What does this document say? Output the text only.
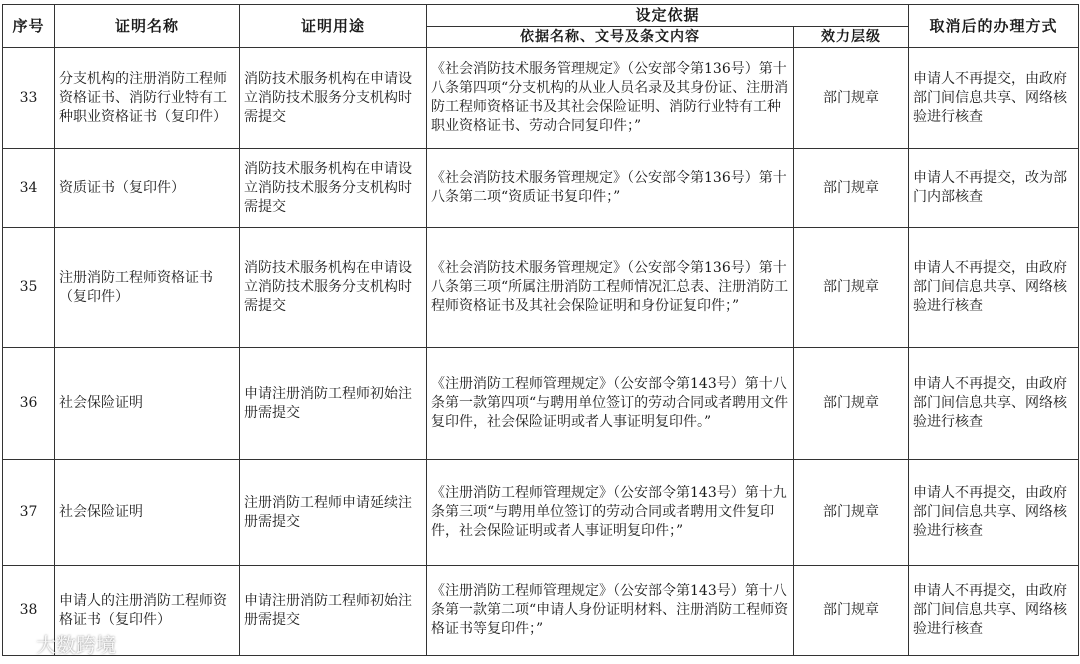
序号	证明名称	证明用途	设定依据		取消后的办理方式
			依据名称、文号及条文内容	效力层级	
33	分支机构的注册消防工程师资格证书、消防行业特有工种职业资格证书（复印件）	消防技术服务机构在申请设立消防技术服务分支机构时需提交	《社会消防技术服务管理规定》（公安部令第136号）第十八条第四项“分支机构的从业人员名录及其身份证、注册消防工程师资格证书及其社会保险证明、消防行业特有工种职业资格证书、劳动合同复印件；”	部门规章	申请人不再提交，由政府部门间信息共享、网络核验进行核查
34	资质证书（复印件）	消防技术服务机构在申请设立消防技术服务分支机构时需提交	《社会消防技术服务管理规定》（公安部令第136号）第十八条第二项“资质证书复印件；”	部门规章	申请人不再提交，改为部门内部核查
35	注册消防工程师资格证书（复印件）	消防技术服务机构在申请设立消防技术服务分支机构时需提交	《社会消防技术服务管理规定》（公安部令第136号）第十八条第三项“所属注册消防工程师情况汇总表、注册消防工程师资格证书及其社会保险证明和身份证复印件；”	部门规章	申请人不再提交，由政府部门间信息共享、网络核验进行核查
36	社会保险证明	申请注册消防工程师初始注册需提交	《注册消防工程师管理规定》（公安部令第143号）第十八条第一款第四项“与聘用单位签订的劳动合同或者聘用文件复印件，社会保险证明或者人事证明复印件。”	部门规章	申请人不再提交，由政府部门间信息共享、网络核验进行核查
37	社会保险证明	注册消防工程师申请延续注册需提交	《注册消防工程师管理规定》（公安部令第143号）第十九条第三项“与聘用单位签订的劳动合同或者聘用文件复印件，社会保险证明或者人事证明复印件；”	部门规章	申请人不再提交，由政府部门间信息共享、网络核验进行核查
38	申请人的注册消防工程师资格证书（复印件）	申请注册消防工程师初始注册需提交	《注册消防工程师管理规定》（公安部令第143号）第十八条第一款第二项“申请人身份证明材料、注册消防工程师资格证书等复印件；”	部门规章	申请人不再提交，由政府部门间信息共享、网络核验进行核查
大数跨境
